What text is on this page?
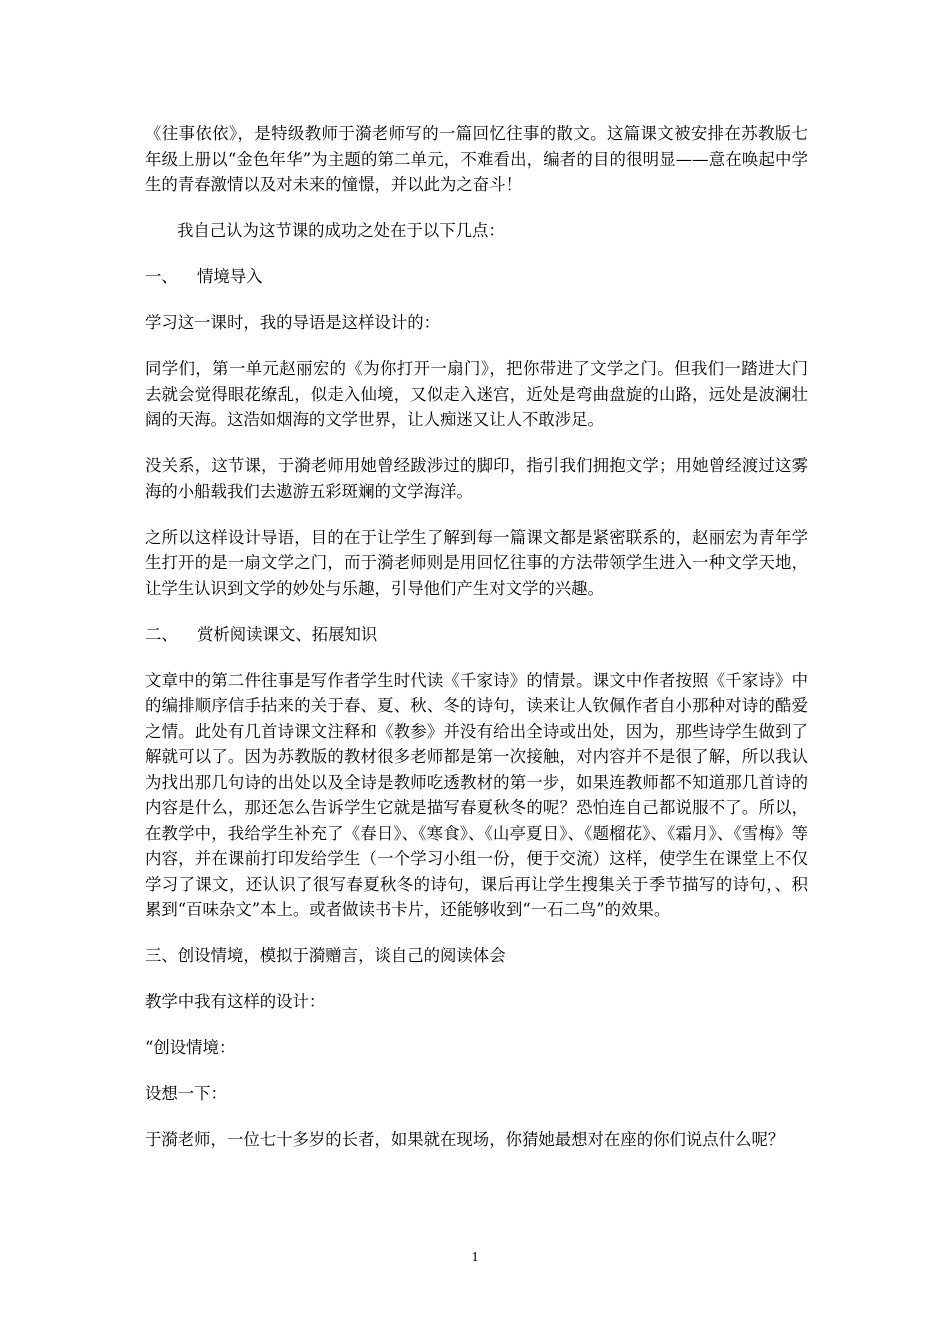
《往事依依》，是特级教师于漪老师写的一篇回忆往事的散文。这篇课文被安排在苏教版七年级上册以“金色年华”为主题的第二单元，不难看出，编者的目的很明显——意在唤起中学生的青春激情以及对未来的憧憬，并以此为之奋斗！

我自己认为这节课的成功之处在于以下几点：

一、	情境导入

学习这一课时，我的导语是这样设计的：

同学们，第一单元赵丽宏的《为你打开一扇门》，把你带进了文学之门。但我们一踏进大门去就会觉得眼花缭乱，似走入仙境，又似走入迷宫，近处是弯曲盘旋的山路，远处是波澜壮阔的天海。这浩如烟海的文学世界，让人痴迷又让人不敢涉足。

没关系，这节课，于漪老师用她曾经跋涉过的脚印，指引我们拥抱文学；用她曾经渡过这雾海的小船载我们去遨游五彩斑斓的文学海洋。

之所以这样设计导语，目的在于让学生了解到每一篇课文都是紧密联系的，赵丽宏为青年学生打开的是一扇文学之门，而于漪老师则是用回忆往事的方法带领学生进入一种文学天地，让学生认识到文学的妙处与乐趣，引导他们产生对文学的兴趣。

二、	赏析阅读课文、拓展知识

文章中的第二件往事是写作者学生时代读《千家诗》的情景。课文中作者按照《千家诗》中的编排顺序信手拈来的关于春、夏、秋、冬的诗句，读来让人钦佩作者自小那种对诗的酷爱之情。此处有几首诗课文注释和《教参》并没有给出全诗或出处，因为，那些诗学生做到了解就可以了。因为苏教版的教材很多老师都是第一次接触，对内容并不是很了解，所以我认为找出那几句诗的出处以及全诗是教师吃透教材的第一步，如果连教师都不知道那几首诗的内容是什么，那还怎么告诉学生它就是描写春夏秋冬的呢？恐怕连自己都说服不了。所以，在教学中，我给学生补充了《春日》、《寒食》、《山亭夏日》、《题榴花》、《霜月》、《雪梅》等内容，并在课前打印发给学生（一个学习小组一份，便于交流）这样，使学生在课堂上不仅学习了课文，还认识了很写春夏秋冬的诗句，课后再让学生搜集关于季节描写的诗句，、积累到“百味杂文”本上。或者做读书卡片，还能够收到“一石二鸟”的效果。

三、创设情境，模拟于漪赠言，谈自己的阅读体会

教学中我有这样的设计：

“创设情境：

设想一下：

于漪老师，一位七十多岁的长者，如果就在现场，你猜她最想对在座的你们说点什么呢？

1
